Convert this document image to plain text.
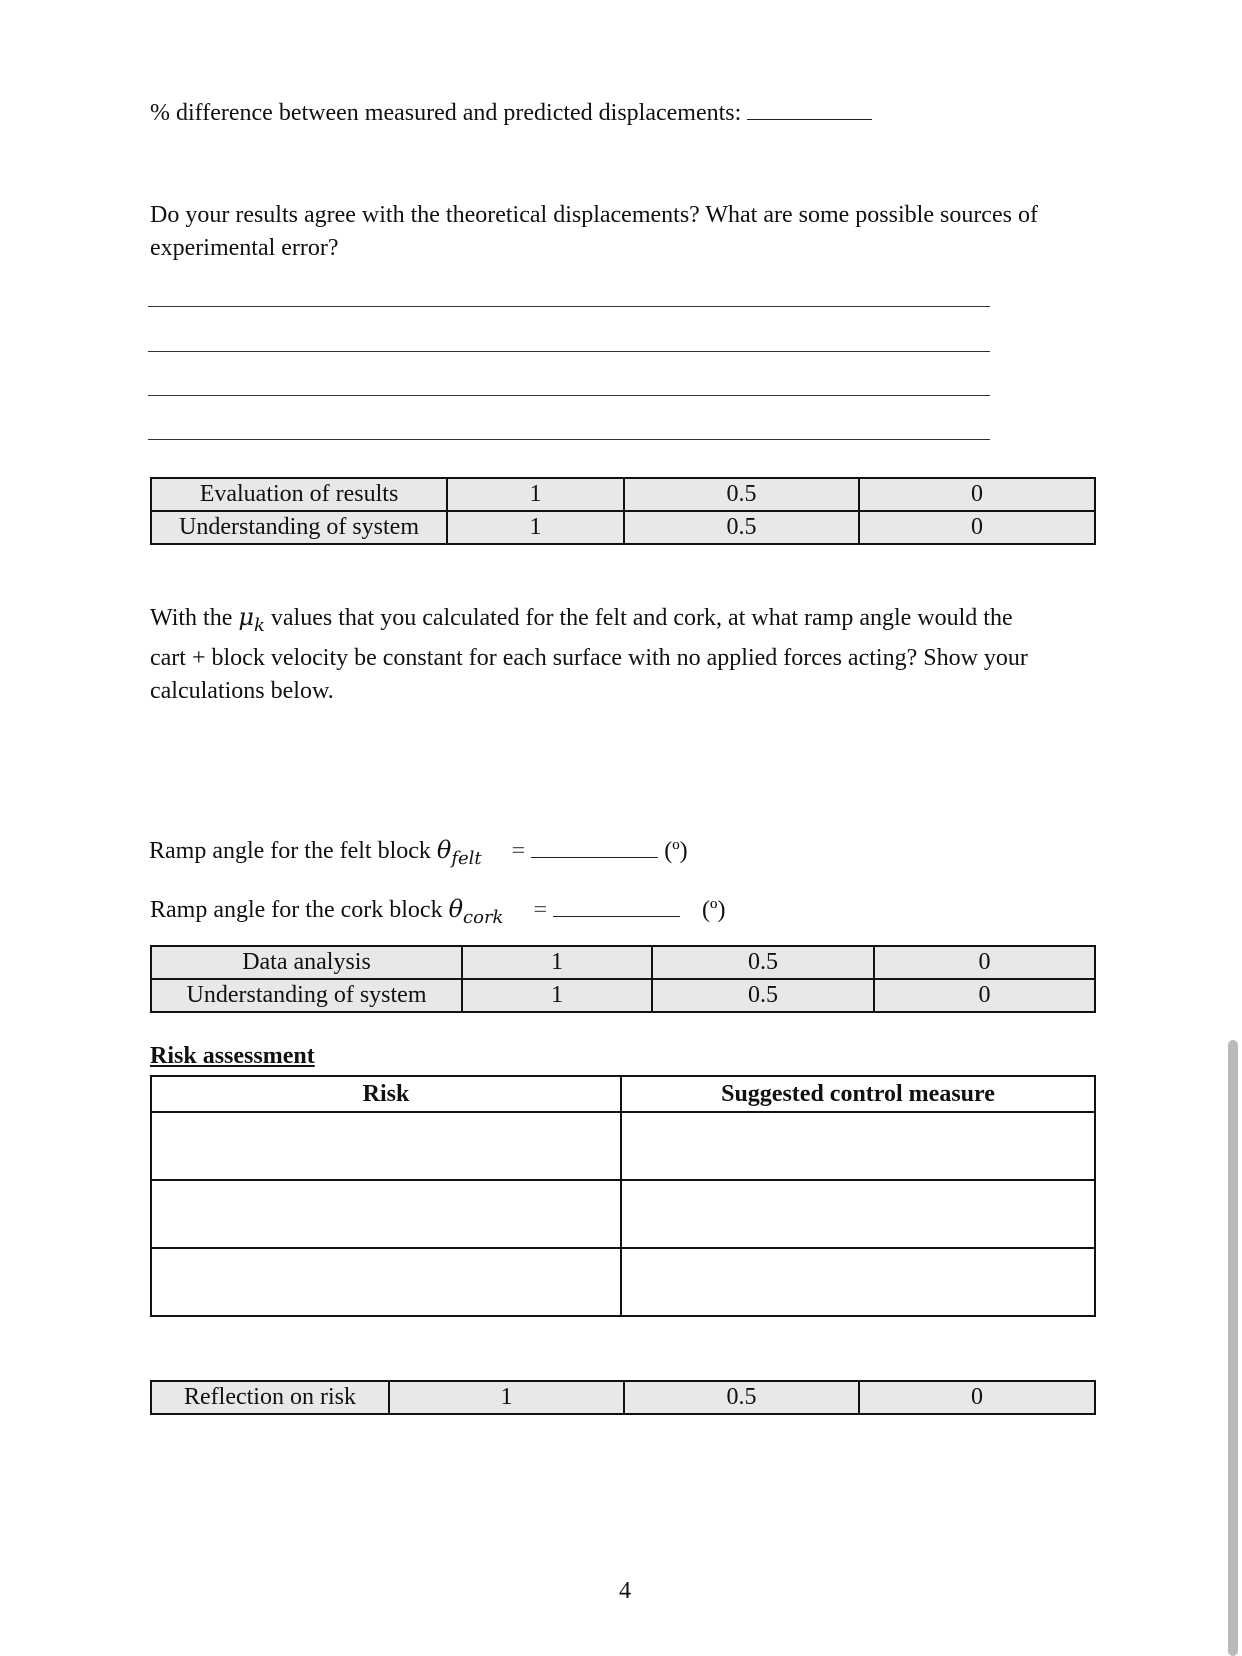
% difference between measured and predicted displacements:
Do your results agree with the theoretical displacements? What are some possible sources of experimental error?
Evaluation of results	1	0.5	0
Understanding of system	1	0.5	0
With the $\mu_k$ values that you calculated for the felt and cork, at what ramp angle would the cart + block velocity be constant for each surface with no applied forces acting? Show your calculations below.
Ramp angle for the felt block $\theta_{felt}$ =	(º)
Ramp angle for the cork block $\theta_{cork}$ =	(º)
Data analysis	1	0.5	0
Understanding of system	1	0.5	0
Risk assessment
Risk	Suggested control measure

Reflection on risk	1	0.5	0
4
